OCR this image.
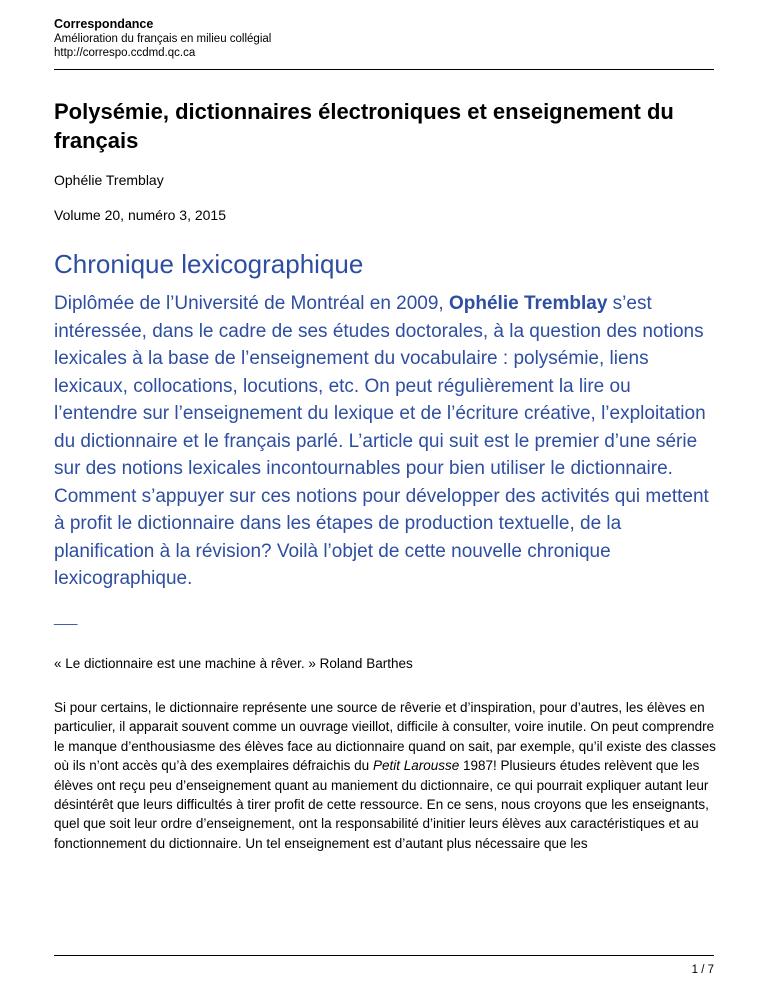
Correspondance
Amélioration du français en milieu collégial
http://correspo.ccdmd.qc.ca
Polysémie, dictionnaires électroniques et enseignement du français
Ophélie Tremblay
Volume 20, numéro 3, 2015
Chronique lexicographique

Diplômée de l’Université de Montréal en 2009, Ophélie Tremblay s’est intéressée, dans le cadre de ses études doctorales, à la question des notions lexicales à la base de l’enseignement du vocabulaire : polysémie, liens lexicaux, collocations, locutions, etc. On peut régulièrement la lire ou l’entendre sur l’enseignement du lexique et de l’écriture créative, l’exploitation du dictionnaire et le français parlé. L’article qui suit est le premier d’une série sur des notions lexicales incontournables pour bien utiliser le dictionnaire. Comment s’appuyer sur ces notions pour développer des activités qui mettent à profit le dictionnaire dans les étapes de production textuelle, de la planification à la révision? Voilà l’objet de cette nouvelle chronique lexicographique.

___

« Le dictionnaire est une machine à rêver. » Roland Barthes

Si pour certains, le dictionnaire représente une source de rêverie et d’inspiration, pour d’autres, les élèves en particulier, il apparait souvent comme un ouvrage vieillot, difficile à consulter, voire inutile. On peut comprendre le manque d’enthousiasme des élèves face au dictionnaire quand on sait, par exemple, qu’il existe des classes où ils n’ont accès qu’à des exemplaires défraichis du Petit Larousse 1987! Plusieurs études relèvent que les élèves ont reçu peu d’enseignement quant au maniement du dictionnaire, ce qui pourrait expliquer autant leur désintérêt que leurs difficultés à tirer profit de cette ressource. En ce sens, nous croyons que les enseignants, quel que soit leur ordre d’enseignement, ont la responsabilité d’initier leurs élèves aux caractéristiques et au fonctionnement du dictionnaire. Un tel enseignement est d’autant plus nécessaire que les

1 / 7
